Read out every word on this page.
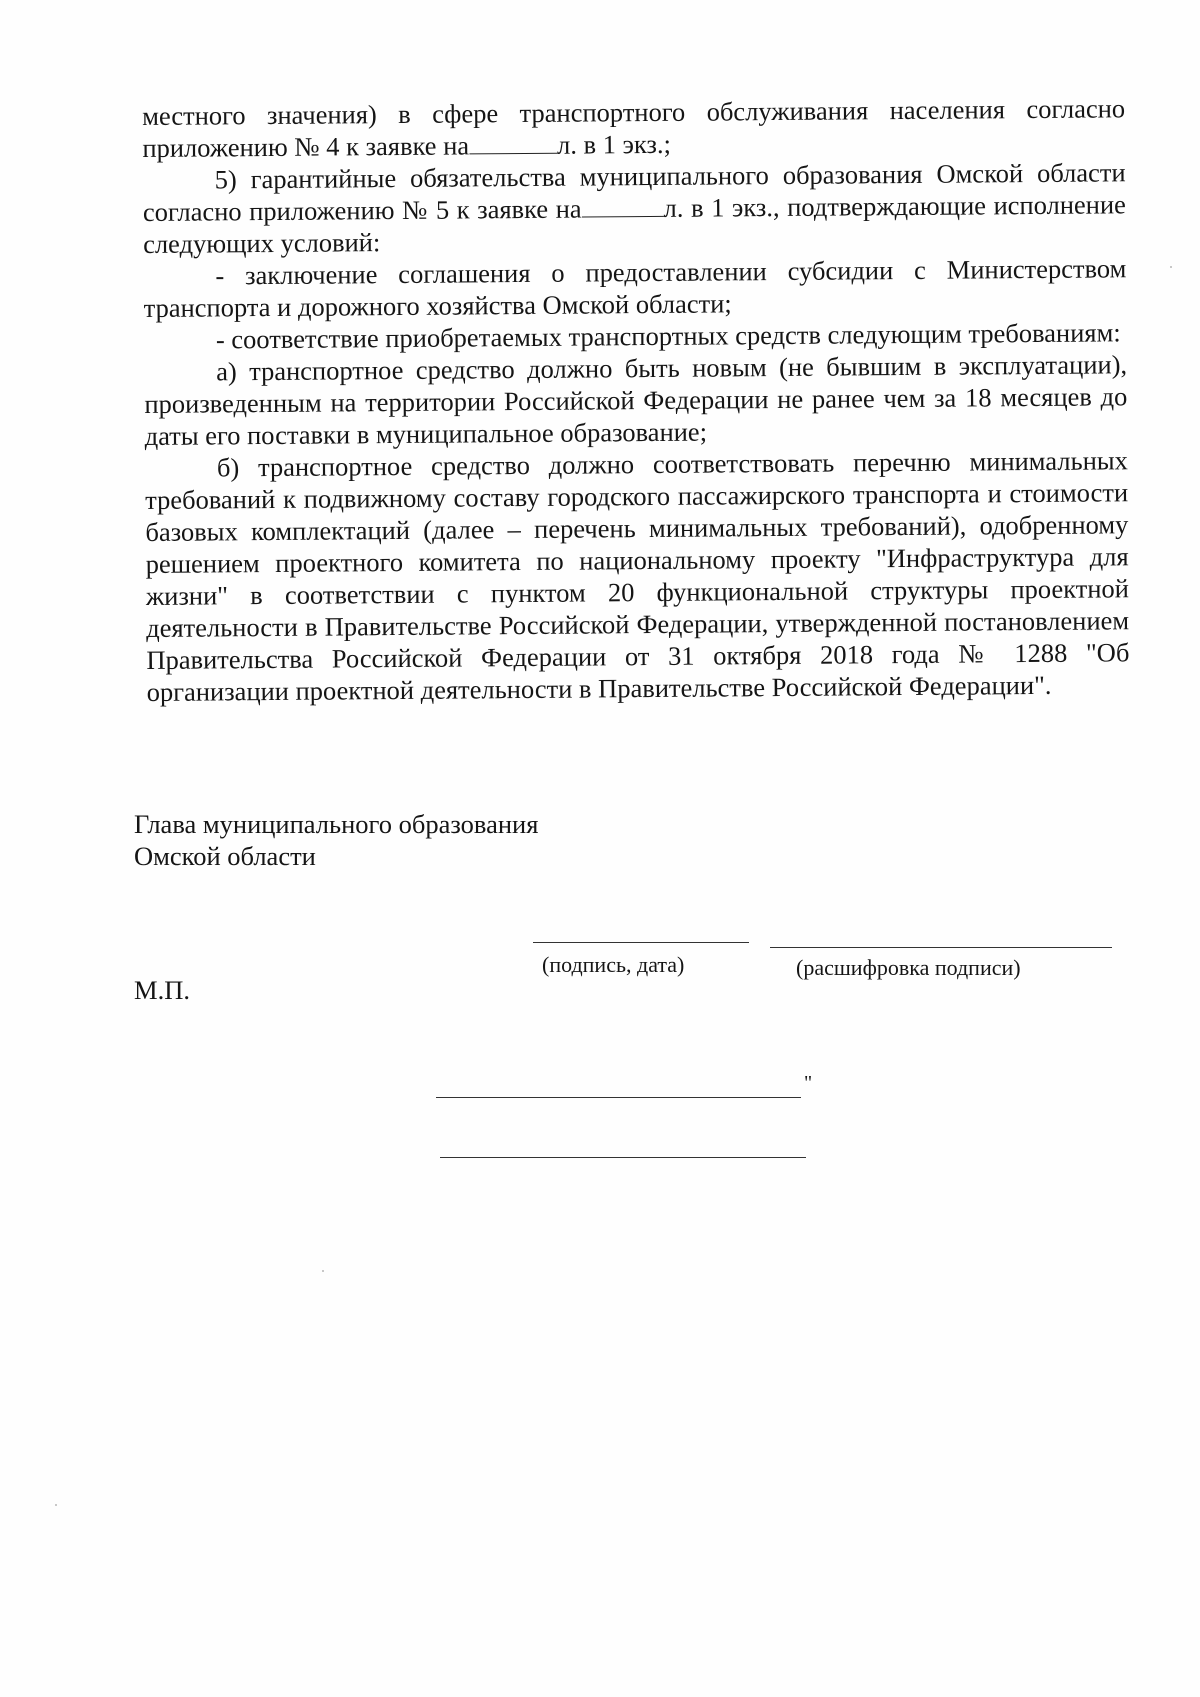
местного значения) в сфере транспортного обслуживания населения согласно приложению № 4 к заявке на	л. в 1 экз.;

5) гарантийные обязательства муниципального образования Омской области согласно приложению № 5 к заявке на	л. в 1 экз., подтверждающие исполнение следующих условий:

- заключение соглашения о предоставлении субсидии с Министерством транспорта и дорожного хозяйства Омской области;

- соответствие приобретаемых транспортных средств следующим требованиям:

а) транспортное средство должно быть новым (не бывшим в эксплуатации), произведенным на территории Российской Федерации не ранее чем за 18 месяцев до даты его поставки в муниципальное образование;

б) транспортное средство должно соответствовать перечню минимальных требований к подвижному составу городского пассажирского транспорта и стоимости базовых комплектаций (далее – перечень минимальных требований), одобренному решением проектного комитета по национальному проекту "Инфраструктура для жизни" в соответствии с пунктом 20 функциональной структуры проектной деятельности в Правительстве Российской Федерации, утвержденной постановлением Правительства Российской Федерации от 31 октября 2018 года № 1288 "Об организации проектной деятельности в Правительстве Российской Федерации".

Глава муниципального образования
Омской области
(подпись, дата)	(расшифровка подписи)
М.П.
"
